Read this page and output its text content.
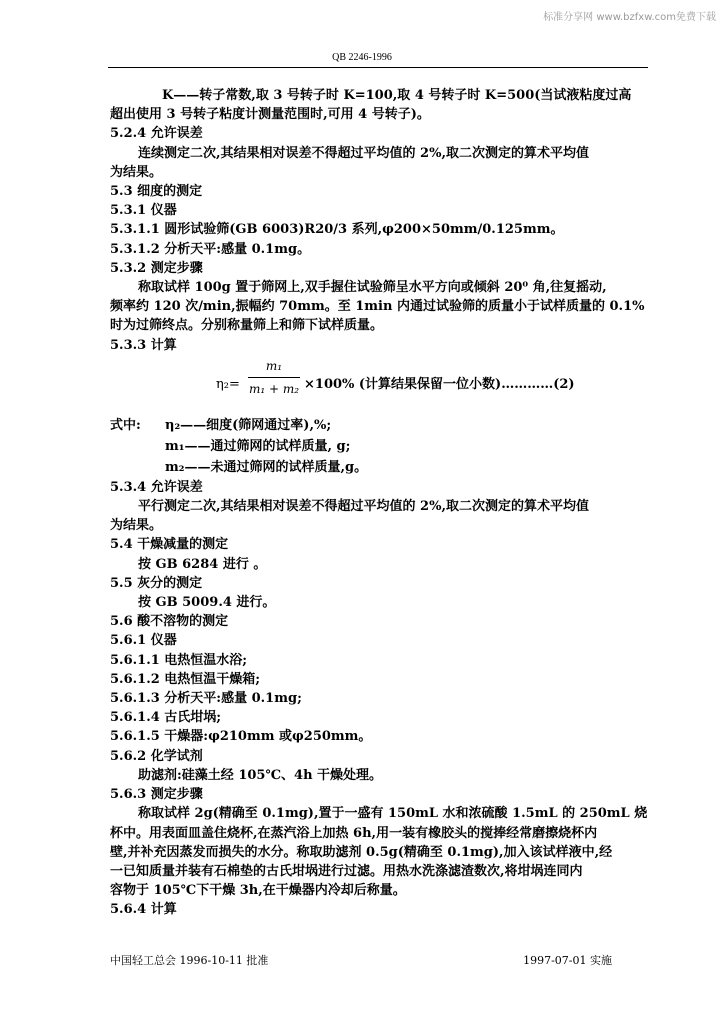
标准分享网 www.bzfxw.com免费下载
QB 2246-1996

K——转子常数,取 3 号转子时 K=100,取 4 号转子时 K=500(当试液粘度过高

超出使用 3 号转子粘度计测量范围时,可用 4 号转子)。

5.2.4 允许误差

连续测定二次,其结果相对误差不得超过平均值的 2%,取二次测定的算术平均值

为结果。

5.3 细度的测定

5.3.1 仪器

5.3.1.1 圆形试验筛(GB 6003)R20/3 系列,φ200×50mm/0.125mm。

5.3.1.2 分析天平:感量 0.1mg。

5.3.2 测定步骤

称取试样 100g 置于筛网上,双手握住试验筛呈水平方向或倾斜 20⁰ 角,往复摇动,

频率约 120 次/min,振幅约 70mm。至 1min 内通过试验筛的质量小于试样质量的 0.1%

时为过筛终点。分别称量筛上和筛下试样质量。

5.3.3 计算

η₂=
m₁
m₁ + m₂ ×100% (计算结果保留一位小数)…………(2)
式中: η₂——细度(筛网通过率),%;
m₁——通过筛网的试样质量, g;
m₂——未通过筛网的试样质量,g。

5.3.4 允许误差

平行测定二次,其结果相对误差不得超过平均值的 2%,取二次测定的算术平均值

为结果。

5.4 干燥减量的测定

按 GB 6284 进行 。

5.5 灰分的测定

按 GB 5009.4 进行。

5.6 酸不溶物的测定

5.6.1 仪器

5.6.1.1 电热恒温水浴;

5.6.1.2 电热恒温干燥箱;

5.6.1.3 分析天平:感量 0.1mg;

5.6.1.4 古氏坩埚;

5.6.1.5 干燥器:φ210mm 或φ250mm。

5.6.2 化学试剂

助滤剂:硅藻土经 105℃、4h 干燥处理。

5.6.3 测定步骤

称取试样 2g(精确至 0.1mg),置于一盛有 150mL 水和浓硫酸 1.5mL 的 250mL 烧

杯中。用表面皿盖住烧杯,在蒸汽浴上加热 6h,用一装有橡胶头的搅捧经常磨擦烧杯内

壁,并补充因蒸发而损失的水分。称取助滤剂 0.5g(精确至 0.1mg),加入该试样液中,经

一已知质量并装有石棉垫的古氏坩埚进行过滤。用热水洗涤滤渣数次,将坩埚连同内

容物于 105℃下干燥 3h,在干燥器内冷却后称量。

5.6.4 计算

中国轻工总会 1996-10-11 批准	1997-07-01 实施
